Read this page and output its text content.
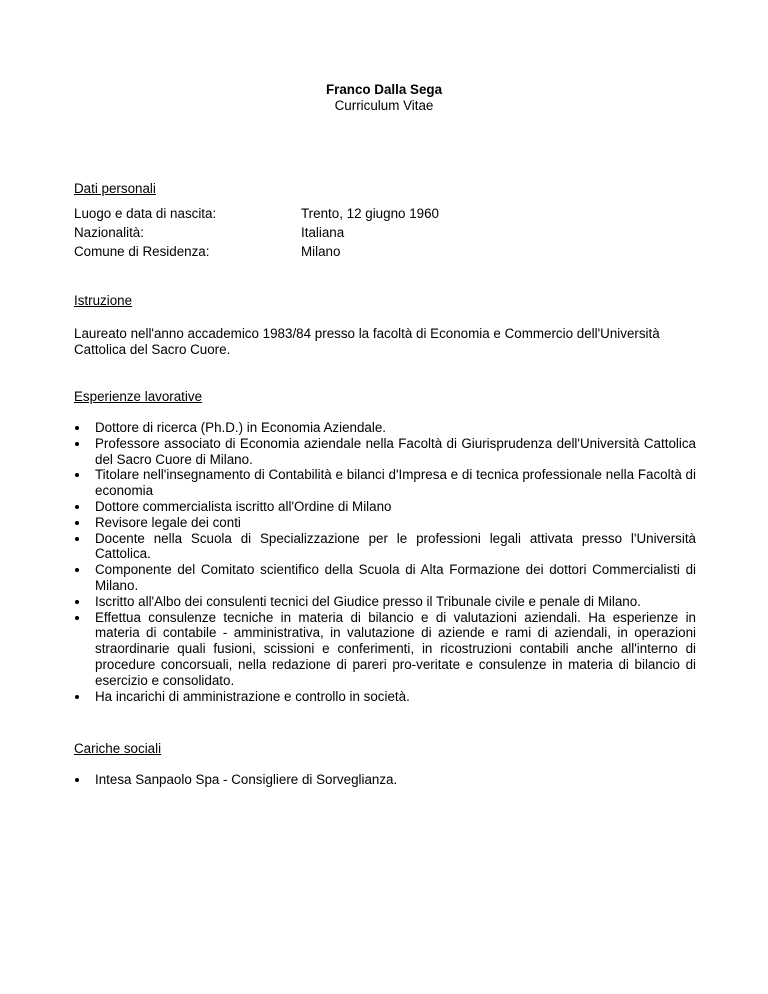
Franco Dalla Sega
Curriculum Vitae
Dati personali
Luogo e data di nascita:	Trento, 12 giugno 1960
Nazionalità:	Italiana
Comune di Residenza:	Milano
Istruzione
Laureato nell'anno accademico 1983/84 presso la facoltà di Economia e Commercio dell'Università Cattolica del Sacro Cuore.
Esperienze lavorative
Dottore di ricerca (Ph.D.) in Economia Aziendale.
Professore associato di Economia aziendale nella Facoltà di Giurisprudenza dell'Università Cattolica del Sacro Cuore di Milano.
Titolare nell'insegnamento di Contabilità e bilanci d'Impresa e di tecnica professionale nella Facoltà di economia
Dottore commercialista iscritto all'Ordine di Milano
Revisore legale dei conti
Docente nella Scuola di Specializzazione per le professioni legali attivata presso l'Università Cattolica.
Componente del Comitato scientifico della Scuola di Alta Formazione dei dottori Commercialisti di Milano.
Iscritto all'Albo dei consulenti tecnici del Giudice presso il Tribunale civile e penale di Milano.
Effettua consulenze tecniche in materia di bilancio e di valutazioni aziendali. Ha esperienze in materia di contabile - amministrativa, in valutazione di aziende e rami di aziendali, in operazioni straordinarie quali fusioni, scissioni e conferimenti, in ricostruzioni contabili anche all'interno di procedure concorsuali, nella redazione di pareri pro-veritate e consulenze in materia di bilancio di esercizio e consolidato.
Ha incarichi di amministrazione e controllo in società.
Cariche sociali
Intesa Sanpaolo Spa - Consigliere di Sorveglianza.
